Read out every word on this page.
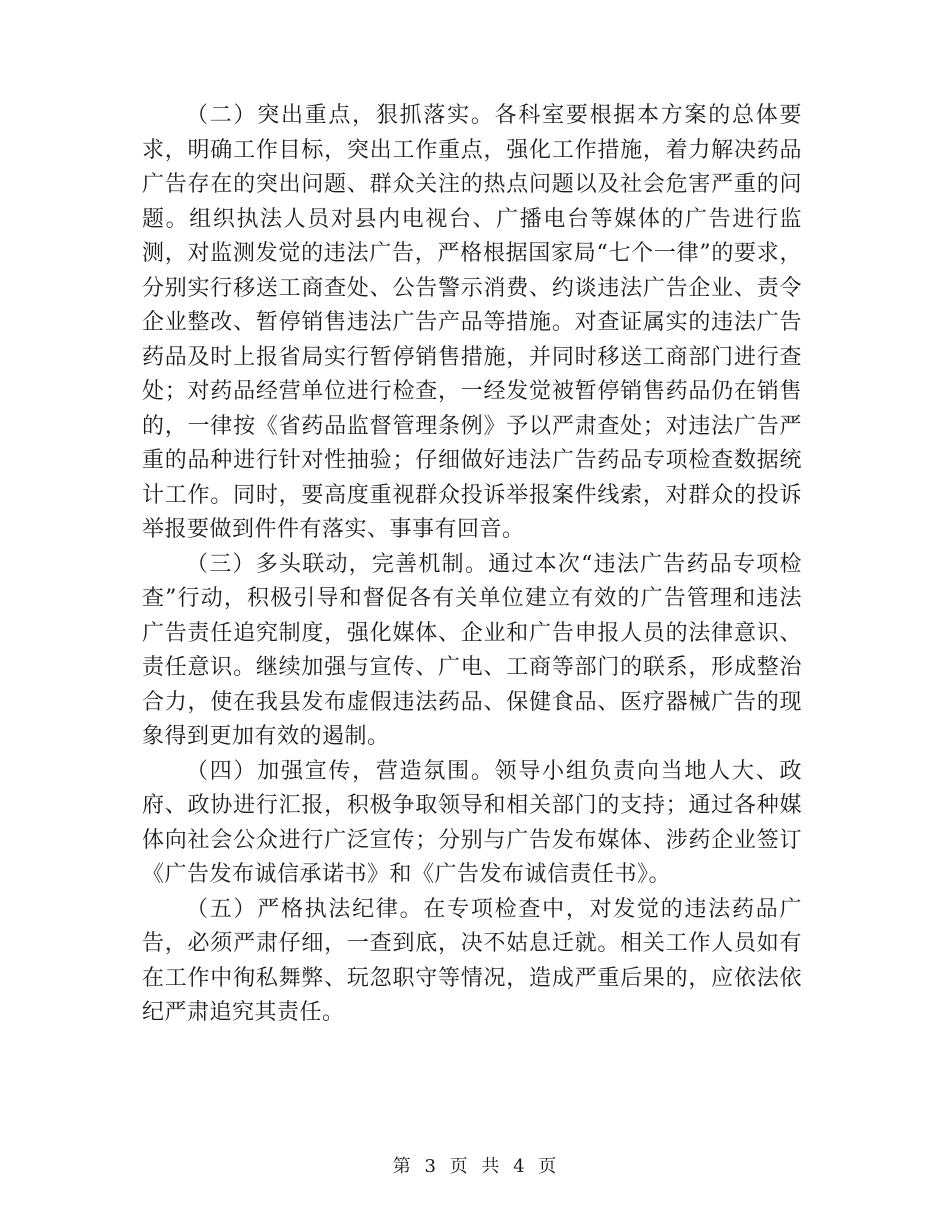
（二）突出重点，狠抓落实。各科室要根据本方案的总体要求，明确工作目标，突出工作重点，强化工作措施，着力解决药品广告存在的突出问题、群众关注的热点问题以及社会危害严重的问题。组织执法人员对县内电视台、广播电台等媒体的广告进行监测，对监测发觉的违法广告，严格根据国家局“七个一律”的要求，分别实行移送工商查处、公告警示消费、约谈违法广告企业、责令企业整改、暂停销售违法广告产品等措施。对查证属实的违法广告药品及时上报省局实行暂停销售措施，并同时移送工商部门进行查处；对药品经营单位进行检查，一经发觉被暂停销售药品仍在销售的，一律按《省药品监督管理条例》予以严肃查处；对违法广告严重的品种进行针对性抽验；仔细做好违法广告药品专项检查数据统计工作。同时，要高度重视群众投诉举报案件线索，对群众的投诉举报要做到件件有落实、事事有回音。

（三）多头联动，完善机制。通过本次“违法广告药品专项检查”行动，积极引导和督促各有关单位建立有效的广告管理和违法广告责任追究制度，强化媒体、企业和广告申报人员的法律意识、责任意识。继续加强与宣传、广电、工商等部门的联系，形成整治合力，使在我县发布虚假违法药品、保健食品、医疗器械广告的现象得到更加有效的遏制。

（四）加强宣传，营造氛围。领导小组负责向当地人大、政府、政协进行汇报，积极争取领导和相关部门的支持；通过各种媒体向社会公众进行广泛宣传；分别与广告发布媒体、涉药企业签订《广告发布诚信承诺书》和《广告发布诚信责任书》。

（五）严格执法纪律。在专项检查中，对发觉的违法药品广告，必须严肃仔细，一查到底，决不姑息迁就。相关工作人员如有在工作中徇私舞弊、玩忽职守等情况，造成严重后果的，应依法依纪严肃追究其责任。

第 3 页 共 4 页
